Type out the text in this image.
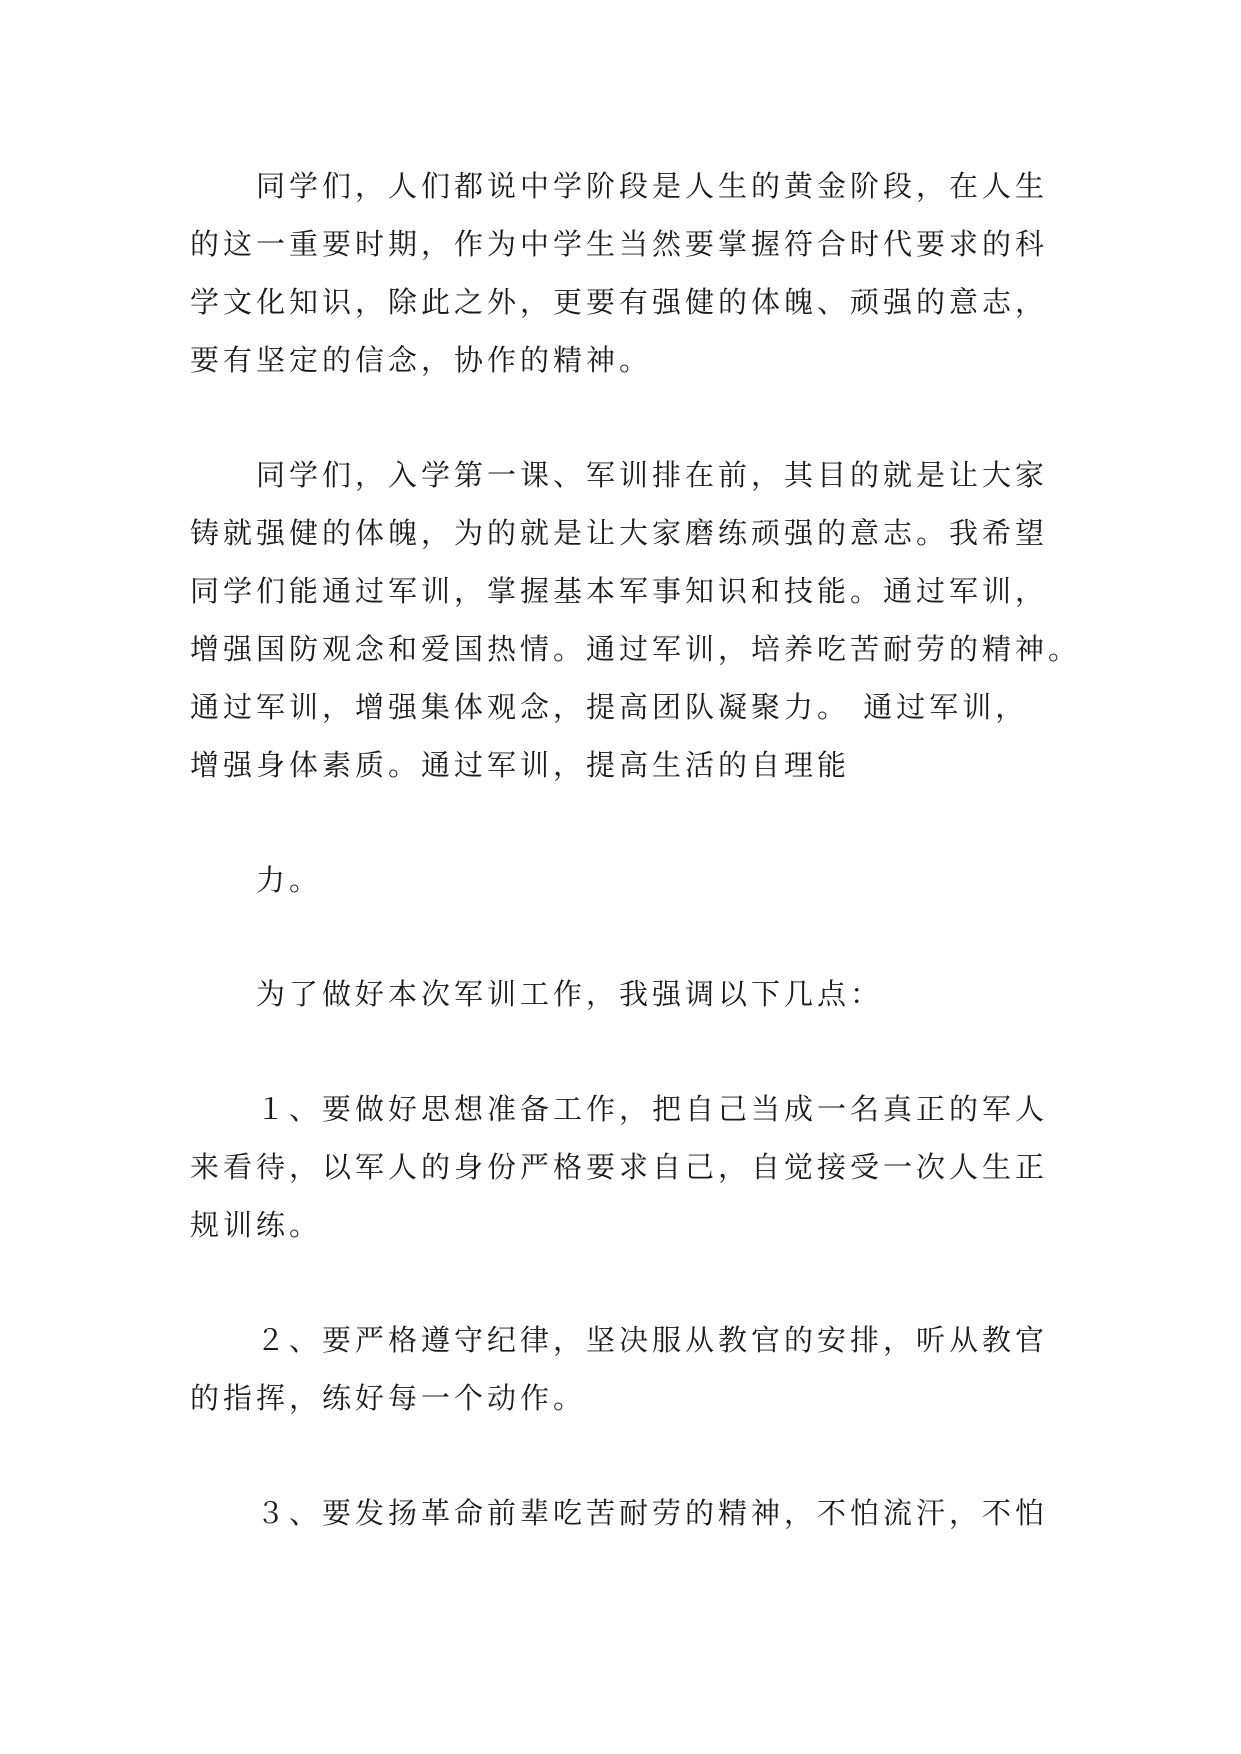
　　同学们，人们都说中学阶段是人生的黄金阶段，在人生
的这一重要时期，作为中学生当然要掌握符合时代要求的科
学文化知识，除此之外，更要有强健的体魄、顽强的意志，
要有坚定的信念，协作的精神。
　　同学们，入学第一课、军训排在前，其目的就是让大家
铸就强健的体魄，为的就是让大家磨练顽强的意志。我希望
同学们能通过军训，掌握基本军事知识和技能。通过军训，
增强国防观念和爱国热情。通过军训，培养吃苦耐劳的精神。
通过军训，增强集体观念，提高团队凝聚力。 通过军训，
增强身体素质。通过军训，提高生活的自理能
　　力。
　　为了做好本次军训工作，我强调以下几点：
　　１、要做好思想准备工作，把自己当成一名真正的军人
来看待，以军人的身份严格要求自己，自觉接受一次人生正
规训练。
　　２、要严格遵守纪律，坚决服从教官的安排，听从教官
的指挥，练好每一个动作。
　　３、要发扬革命前辈吃苦耐劳的精神，不怕流汗，不怕
